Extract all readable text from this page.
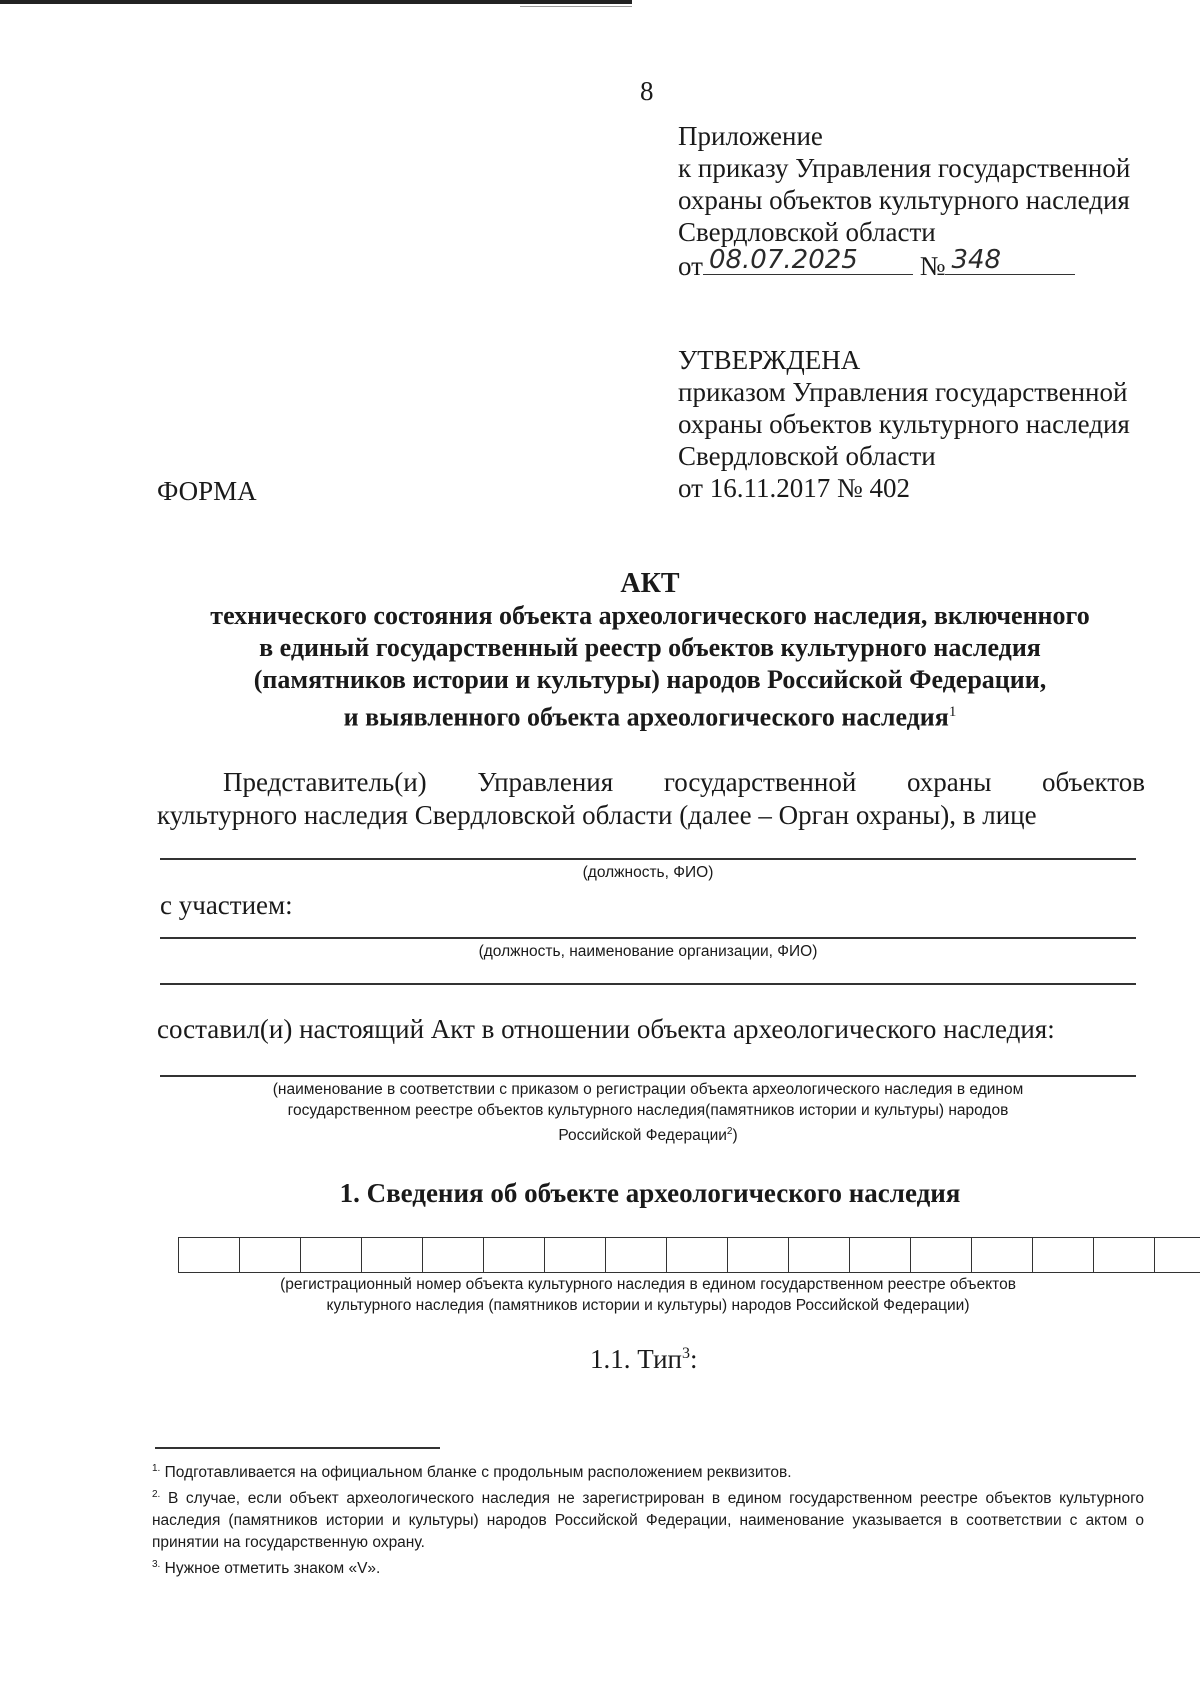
8
Приложение
к приказу Управления государственной
охраны объектов культурного наследия
Свердловской области
от 08.07.2025 № 348
УТВЕРЖДЕНА
приказом Управления государственной
охраны объектов культурного наследия
Свердловской области
от 16.11.2017 № 402
ФОРМА
АКТ
технического состояния объекта археологического наследия, включенного
в единый государственный реестр объектов культурного наследия
(памятников истории и культуры) народов Российской Федерации,
и выявленного объекта археологического наследия$^1$
Представитель(и) Управления государственной охраны объектов
культурного наследия Свердловской области (далее – Орган охраны), в лице
(должность, ФИО)
с участием:
(должность, наименование организации, ФИО)
составил(и) настоящий Акт в отношении объекта археологического наследия:
(наименование в соответствии с приказом о регистрации объекта археологического наследия в едином
государственном реестре объектов культурного наследия(памятников истории и культуры) народов
Российской Федерации$^2$)
1. Сведения об объекте археологического наследия
(регистрационный номер объекта культурного наследия в едином государственном реестре объектов
культурного наследия (памятников истории и культуры) народов Российской Федерации)
1.1. Тип$^3$:

$^{1.}$ Подготавливается на официальном бланке с продольным расположением реквизитов.

$^{2.}$ В случае, если объект археологического наследия не зарегистрирован в едином государственном реестре объектов культурного наследия (памятников истории и культуры) народов Российской Федерации, наименование указывается в соответствии с актом о принятии на государственную охрану.

$^{3.}$ Нужное отметить знаком «V».
